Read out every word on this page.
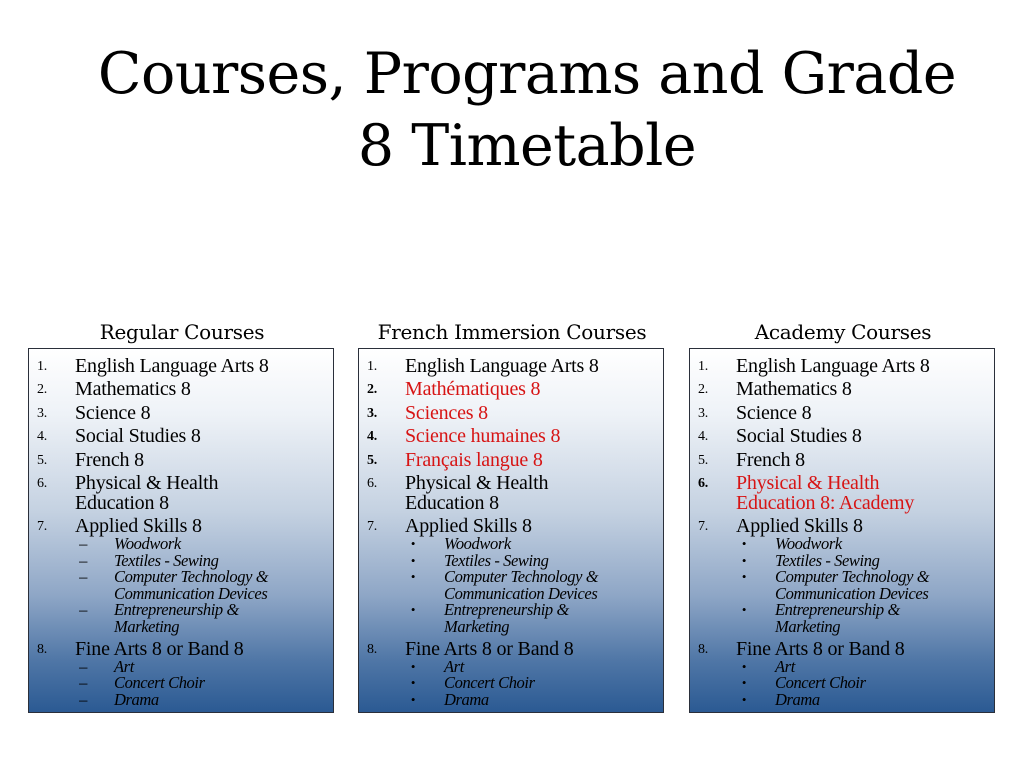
Courses, Programs and Grade
8 Timetable
Regular Courses	French Immersion Courses	Academy Courses
1.	English Language Arts 8
2.	Mathematics 8
3.	Science 8
4.	Social Studies 8
5.	French 8
6.	Physical & Health
Education 8
7.	Applied Skills 8
– Woodwork
– Textiles - Sewing
– Computer Technology &
Communication Devices
– Entrepreneurship &
Marketing
8.	Fine Arts 8 or Band 8
– Art
– Concert Choir
– Drama
1.	English Language Arts 8
2.	Mathématiques 8
3.	Sciences 8
4.	Science humaines 8
5.	Français langue 8
6.	Physical & Health
Education 8
7.	Applied Skills 8
•	Woodwork
•	Textiles - Sewing
•	Computer Technology &
Communication Devices
•	Entrepreneurship &
Marketing
8.	Fine Arts 8 or Band 8
•	Art
•	Concert Choir
•	Drama
1.	English Language Arts 8
2.	Mathematics 8
3.	Science 8
4.	Social Studies 8
5.	French 8
6.	Physical & Health
Education 8: Academy
7.	Applied Skills 8
•	Woodwork
•	Textiles - Sewing
•	Computer Technology &
Communication Devices
•	Entrepreneurship &
Marketing
8.	Fine Arts 8 or Band 8
•	Art
•	Concert Choir
•	Drama
